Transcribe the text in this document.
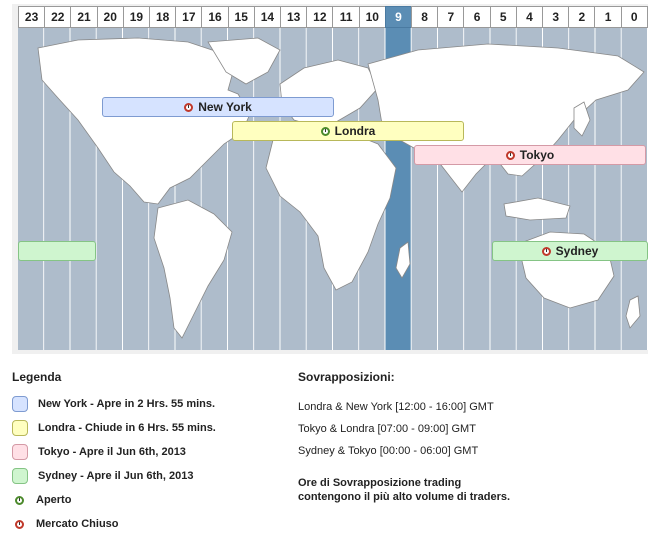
23	22	21	20	19	18	17	16	15	14	13	12	11	10	9	8	7	6	5	4	3	2	1	0
New York
Londra
Tokyo
Sydney
Legenda
New York - Apre in 2 Hrs. 55 mins.
Londra - Chiude in 6 Hrs. 55 mins.
Tokyo - Apre il Jun 6th, 2013
Sydney - Apre il Jun 6th, 2013
Aperto
Mercato Chiuso
Sovrapposizioni:
Londra & New York [12:00 - 16:00] GMT
Tokyo & Londra [07:00 - 09:00] GMT
Sydney & Tokyo [00:00 - 06:00] GMT
Ore di Sovrapposizione trading
contengono il più alto volume di traders.
